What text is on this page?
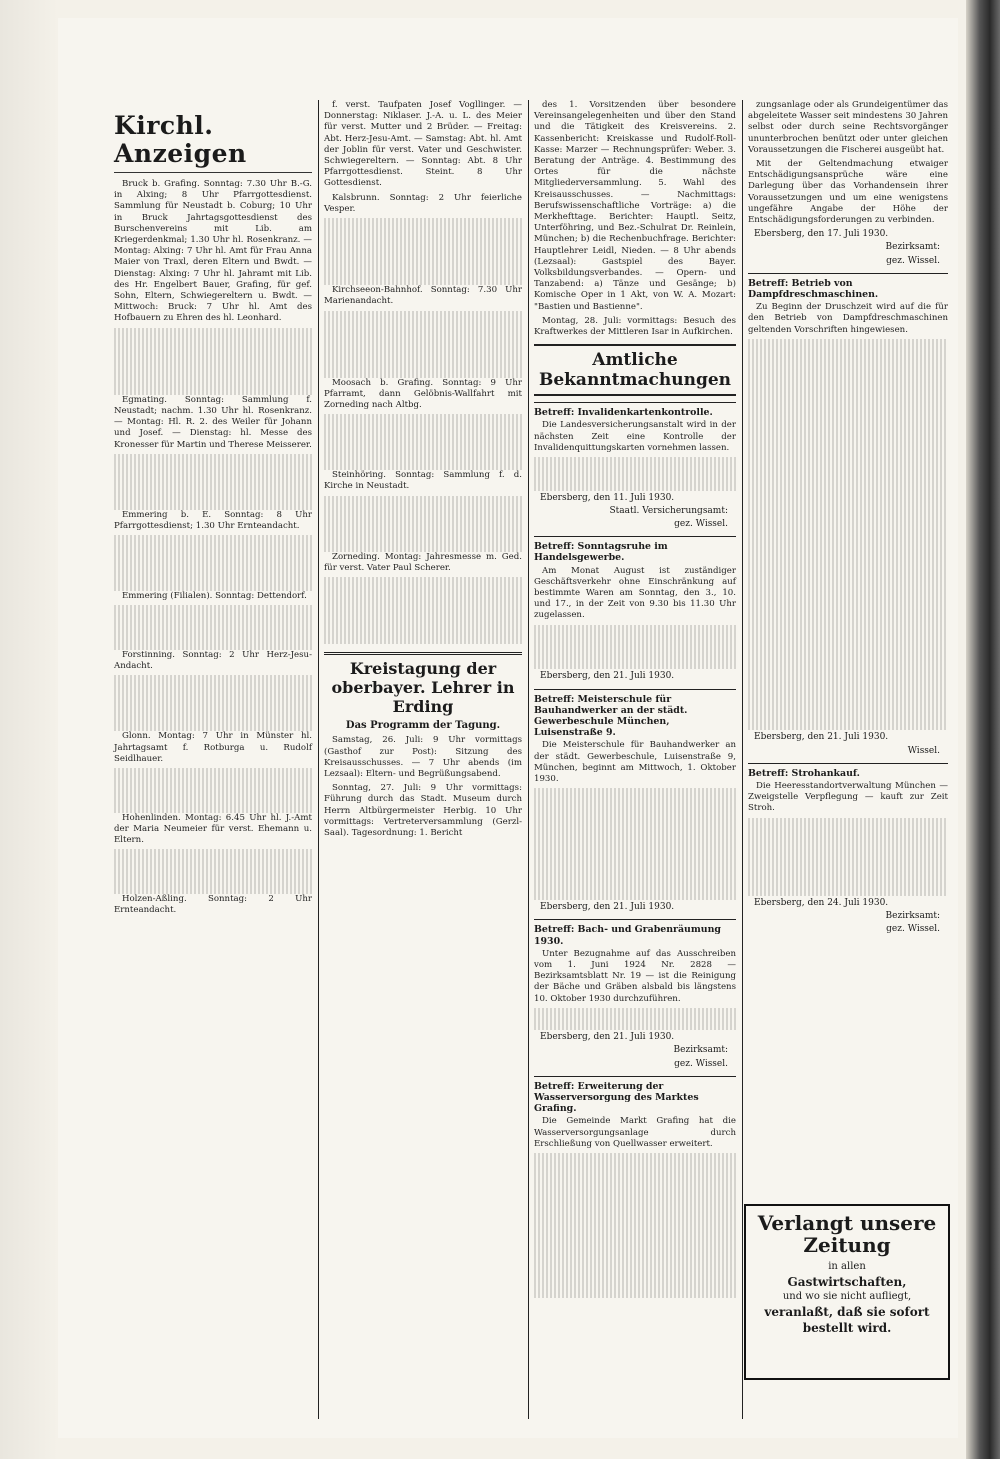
Kirchl. Anzeigen

Bruck b. Grafing. Sonntag: 7.30 Uhr B.-G. in Alxing; 8 Uhr Pfarrgottesdienst. Sammlung für Neustadt b. Coburg; 10 Uhr in Bruck Jahrtagsgottesdienst des Burschenvereins mit Lib. am Kriegerdenkmal; 1.30 Uhr hl. Rosenkranz. — Montag: Alxing: 7 Uhr hl. Amt für Frau Anna Maier von Traxl, deren Eltern und Bwdt. — Dienstag: Alxing: 7 Uhr hl. Jahramt mit Lib. des Hr. Engelbert Bauer, Grafing, für gef. Sohn, Eltern, Schwiegereltern u. Bwdt. — Mittwoch: Bruck: 7 Uhr hl. Amt des Hofbauern zu Ehren des hl. Leonhard.

Egmating. Sonntag: Sammlung f. Neustadt; nachm. 1.30 Uhr hl. Rosenkranz. — Montag: Hl. R. 2. des Weiler für Johann und Josef. — Dienstag: hl. Messe des Kronesser für Martin und Therese Meisserer.

Emmering b. E. Sonntag: 8 Uhr Pfarrgottesdienst; 1.30 Uhr Ernteandacht.

Emmering (Filialen). Sonntag: Dettendorf.

Forstinning. Sonntag: 2 Uhr Herz-Jesu-Andacht.

Glonn. Montag: 7 Uhr in Münster hl. Jahrtagsamt f. Rotburga u. Rudolf Seidlhauer.

Hohenlinden. Montag: 6.45 Uhr hl. J.-Amt der Maria Neumeier für verst. Ehemann u. Eltern.

Holzen-Aßling. Sonntag: 2 Uhr Ernteandacht.

f. verst. Taufpaten Josef Vogllinger. — Donnerstag: Niklaser. J.-A. u. L. des Meier für verst. Mutter und 2 Brüder. — Freitag: Abt. Herz-Jesu-Amt. — Samstag: Abt. hl. Amt der Joblin für verst. Vater und Geschwister. Schwiegereltern. — Sonntag: Abt. 8 Uhr Pfarrgottesdienst. Steint. 8 Uhr Gottesdienst.

Kalsbrunn. Sonntag: 2 Uhr feierliche Vesper.

Kirchseeon-Bahnhof. Sonntag: 7.30 Uhr Marienandacht.

Moosach b. Grafing. Sonntag: 9 Uhr Pfarramt, dann Gelöbnis-Wallfahrt mit Zorneding nach Altbg.

Steinhöring. Sonntag: Sammlung f. d. Kirche in Neustadt.

Zorneding. Montag: Jahresmesse m. Ged. für verst. Vater Paul Scherer.

Kreistagung der oberbayer. Lehrer in Erding
Das Programm der Tagung.

Samstag, 26. Juli: 9 Uhr vormittags (Gasthof zur Post): Sitzung des Kreisausschusses. — 7 Uhr abends (im Lezsaal): Eltern- und Begrüßungsabend.

Sonntag, 27. Juli: 9 Uhr vormittags: Führung durch das Stadt. Museum durch Herrn Altbürgermeister Herbig. 10 Uhr vormittags: Vertreterversammlung (Gerzl-Saal). Tagesordnung: 1. Bericht

des 1. Vorsitzenden über besondere Vereinsangelegenheiten und über den Stand und die Tätigkeit des Kreisvereins. 2. Kassenbericht: Kreiskasse und Rudolf-Roll-Kasse: Marzer — Rechnungsprüfer: Weber. 3. Beratung der Anträge. 4. Bestimmung des Ortes für die nächste Mitgliederversammlung. 5. Wahl des Kreisausschusses. — Nachmittags: Berufswissenschaftliche Vorträge: a) die Merkhefttage. Berichter: Hauptl. Seitz, Unterföhring, und Bez.-Schulrat Dr. Reinlein, München; b) die Rechenbuchfrage. Berichter: Hauptlehrer Leidl, Nieden. — 8 Uhr abends (Lezsaal): Gastspiel des Bayer. Volksbildungsverbandes. — Opern- und Tanzabend: a) Tänze und Gesänge; b) Komische Oper in 1 Akt, von W. A. Mozart: "Bastien und Bastienne".

Montag, 28. Juli: vormittags: Besuch des Kraftwerkes der Mittleren Isar in Aufkirchen.

Amtliche Bekanntmachungen
Betreff: Invalidenkartenkontrolle.

Die Landesversicherungsanstalt wird in der nächsten Zeit eine Kontrolle der Invalidenquittungskarten vornehmen lassen.

Ebersberg, den 11. Juli 1930.
Staatl. Versicherungsamt:
gez. Wissel.
Betreff: Sonntagsruhe im Handelsgewerbe.

Am Monat August ist zuständiger Geschäftsverkehr ohne Einschränkung auf bestimmte Waren am Sonntag, den 3., 10. und 17., in der Zeit von 9.30 bis 11.30 Uhr zugelassen.

Ebersberg, den 21. Juli 1930.
Betreff: Meisterschule für Bauhandwerker an der städt. Gewerbeschule München, Luisenstraße 9.

Die Meisterschule für Bauhandwerker an der städt. Gewerbeschule, Luisenstraße 9, München, beginnt am Mittwoch, 1. Oktober 1930.

Ebersberg, den 21. Juli 1930.
Betreff: Bach- und Grabenräumung 1930.

Unter Bezugnahme auf das Ausschreiben vom 1. Juni 1924 Nr. 2828 — Bezirksamtsblatt Nr. 19 — ist die Reinigung der Bäche und Gräben alsbald bis längstens 10. Oktober 1930 durchzuführen.

Ebersberg, den 21. Juli 1930.
Bezirksamt:
gez. Wissel.
Betreff: Erweiterung der Wasserversorgung des Marktes Grafing.

Die Gemeinde Markt Grafing hat die Wasserversorgungsanlage durch Erschließung von Quellwasser erweitert.

zungsanlage oder als Grundeigentümer das abgeleitete Wasser seit mindestens 30 Jahren selbst oder durch seine Rechtsvorgänger ununterbrochen benützt oder unter gleichen Voraussetzungen die Fischerei ausgeübt hat.

Mit der Geltendmachung etwaiger Entschädigungsansprüche wäre eine Darlegung über das Vorhandensein ihrer Voraussetzungen und um eine wenigstens ungefähre Angabe der Höhe der Entschädigungsforderungen zu verbinden.

Ebersberg, den 17. Juli 1930.
Bezirksamt:
gez. Wissel.
Betreff: Betrieb von Dampfdreschmaschinen.

Zu Beginn der Druschzeit wird auf die für den Betrieb von Dampfdreschmaschinen geltenden Vorschriften hingewiesen.

Ebersberg, den 21. Juli 1930.
Wissel.
Betreff: Strohankauf.

Die Heeresstandortverwaltung München — Zweigstelle Verpflegung — kauft zur Zeit Stroh.

Ebersberg, den 24. Juli 1930.
Bezirksamt:
gez. Wissel.
Verlangt unsere Zeitung
in allen
Gastwirtschaften,
und wo sie nicht aufliegt,
veranlaßt, daß sie sofort bestellt wird.
